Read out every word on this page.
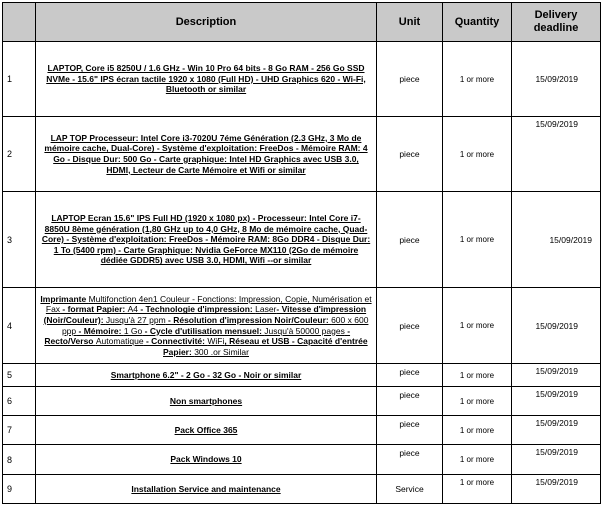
	Description	Unit	Quantity	Delivery deadline
1	LAPTOP, Core i5 8250U / 1.6 GHz - Win 10 Pro 64 bits - 8 Go RAM - 256 Go SSD NVMe - 15.6" IPS écran tactile 1920 x 1080 (Full HD) - UHD Graphics 620 - Wi-Fi, Bluetooth or similar	piece	1 or more	15/09/2019

2	LAP TOP Processeur: Intel Core i3-7020U 7éme Génération (2.3 GHz, 3 Mo de mémoire cache, Dual-Core) - Système d'exploitation: FreeDos - Mémoire RAM: 4 Go - Disque Dur: 500 Go - Carte graphique: Intel HD Graphics avec USB 3.0, HDMI, Lecteur de Carte Mémoire et Wifi or similar	piece	1 or more	15/09/2019

3	LAPTOP Ecran 15.6" IPS Full HD (1920 x 1080 px) - Processeur: Intel Core i7-8850U 8ème génération (1,80 GHz up to 4,0 GHz, 8 Mo de mémoire cache, Quad-Core) - Système d'exploitation: FreeDos - Mémoire RAM: 8Go DDR4 - Disque Dur: 1 To (5400 rpm) - Carte Graphique: Nvidia GeForce MX110 (2Go de mémoire dédiée GDDR5) avec USB 3.0, HDMI, Wifi --or similar	piece	1 or more	15/09/2019

4	Imprimante Multifonction 4en1 Couleur - Fonctions: Impression, Copie, Numérisation et Fax - format Papier: A4 - Technologie d'impression: Laser- Vitesse d'impression (Noir/Couleur): Jusqu'à 27 ppm - Résolution d'impression Noir/Couleur: 600 x 600 ppp - Mémoire: 1 Go - Cycle d'utilisation mensuel: Jusqu'à 50000 pages - Recto/Verso Automatique - Connectivité: WiFi, Réseau et USB - Capacité d'entrée Papier: 300 .or Similar	piece	1 or more	15/09/2019

5	Smartphone 6.2" - 2 Go - 32 Go - Noir or similar	piece	1 or more	15/09/2019

6	Non smartphones	piece	1 or more	15/09/2019

7	Pack Office 365	piece	1 or more	15/09/2019

8	Pack Windows 10	piece	1 or more	15/09/2019

9	Installation Service and maintenance	Service	1 or more	15/09/2019
